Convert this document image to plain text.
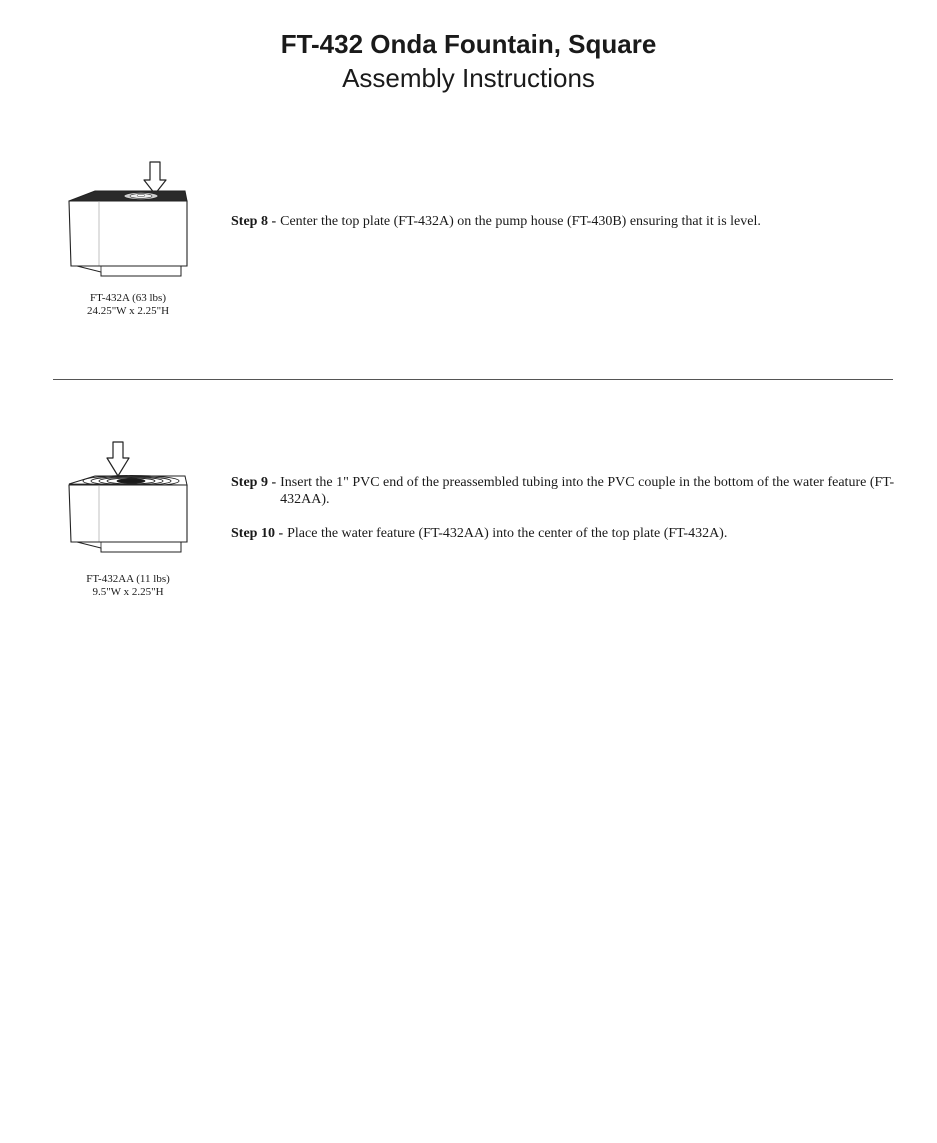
FT-432 Onda Fountain, Square
Assembly Instructions
FT-432A (63 lbs)
24.25"W x 2.25"H
Step 8 - Center the top plate (FT-432A) on the pump house (FT-430B) ensuring that it is level.
FT-432AA (11 lbs)
9.5"W x 2.25"H
Step 9 - Insert the 1" PVC end of the preassembled tubing into the PVC couple in the bottom of the water feature (FT-432AA).
Step 10 - Place the water feature (FT-432AA) into the center of the top plate (FT-432A).
